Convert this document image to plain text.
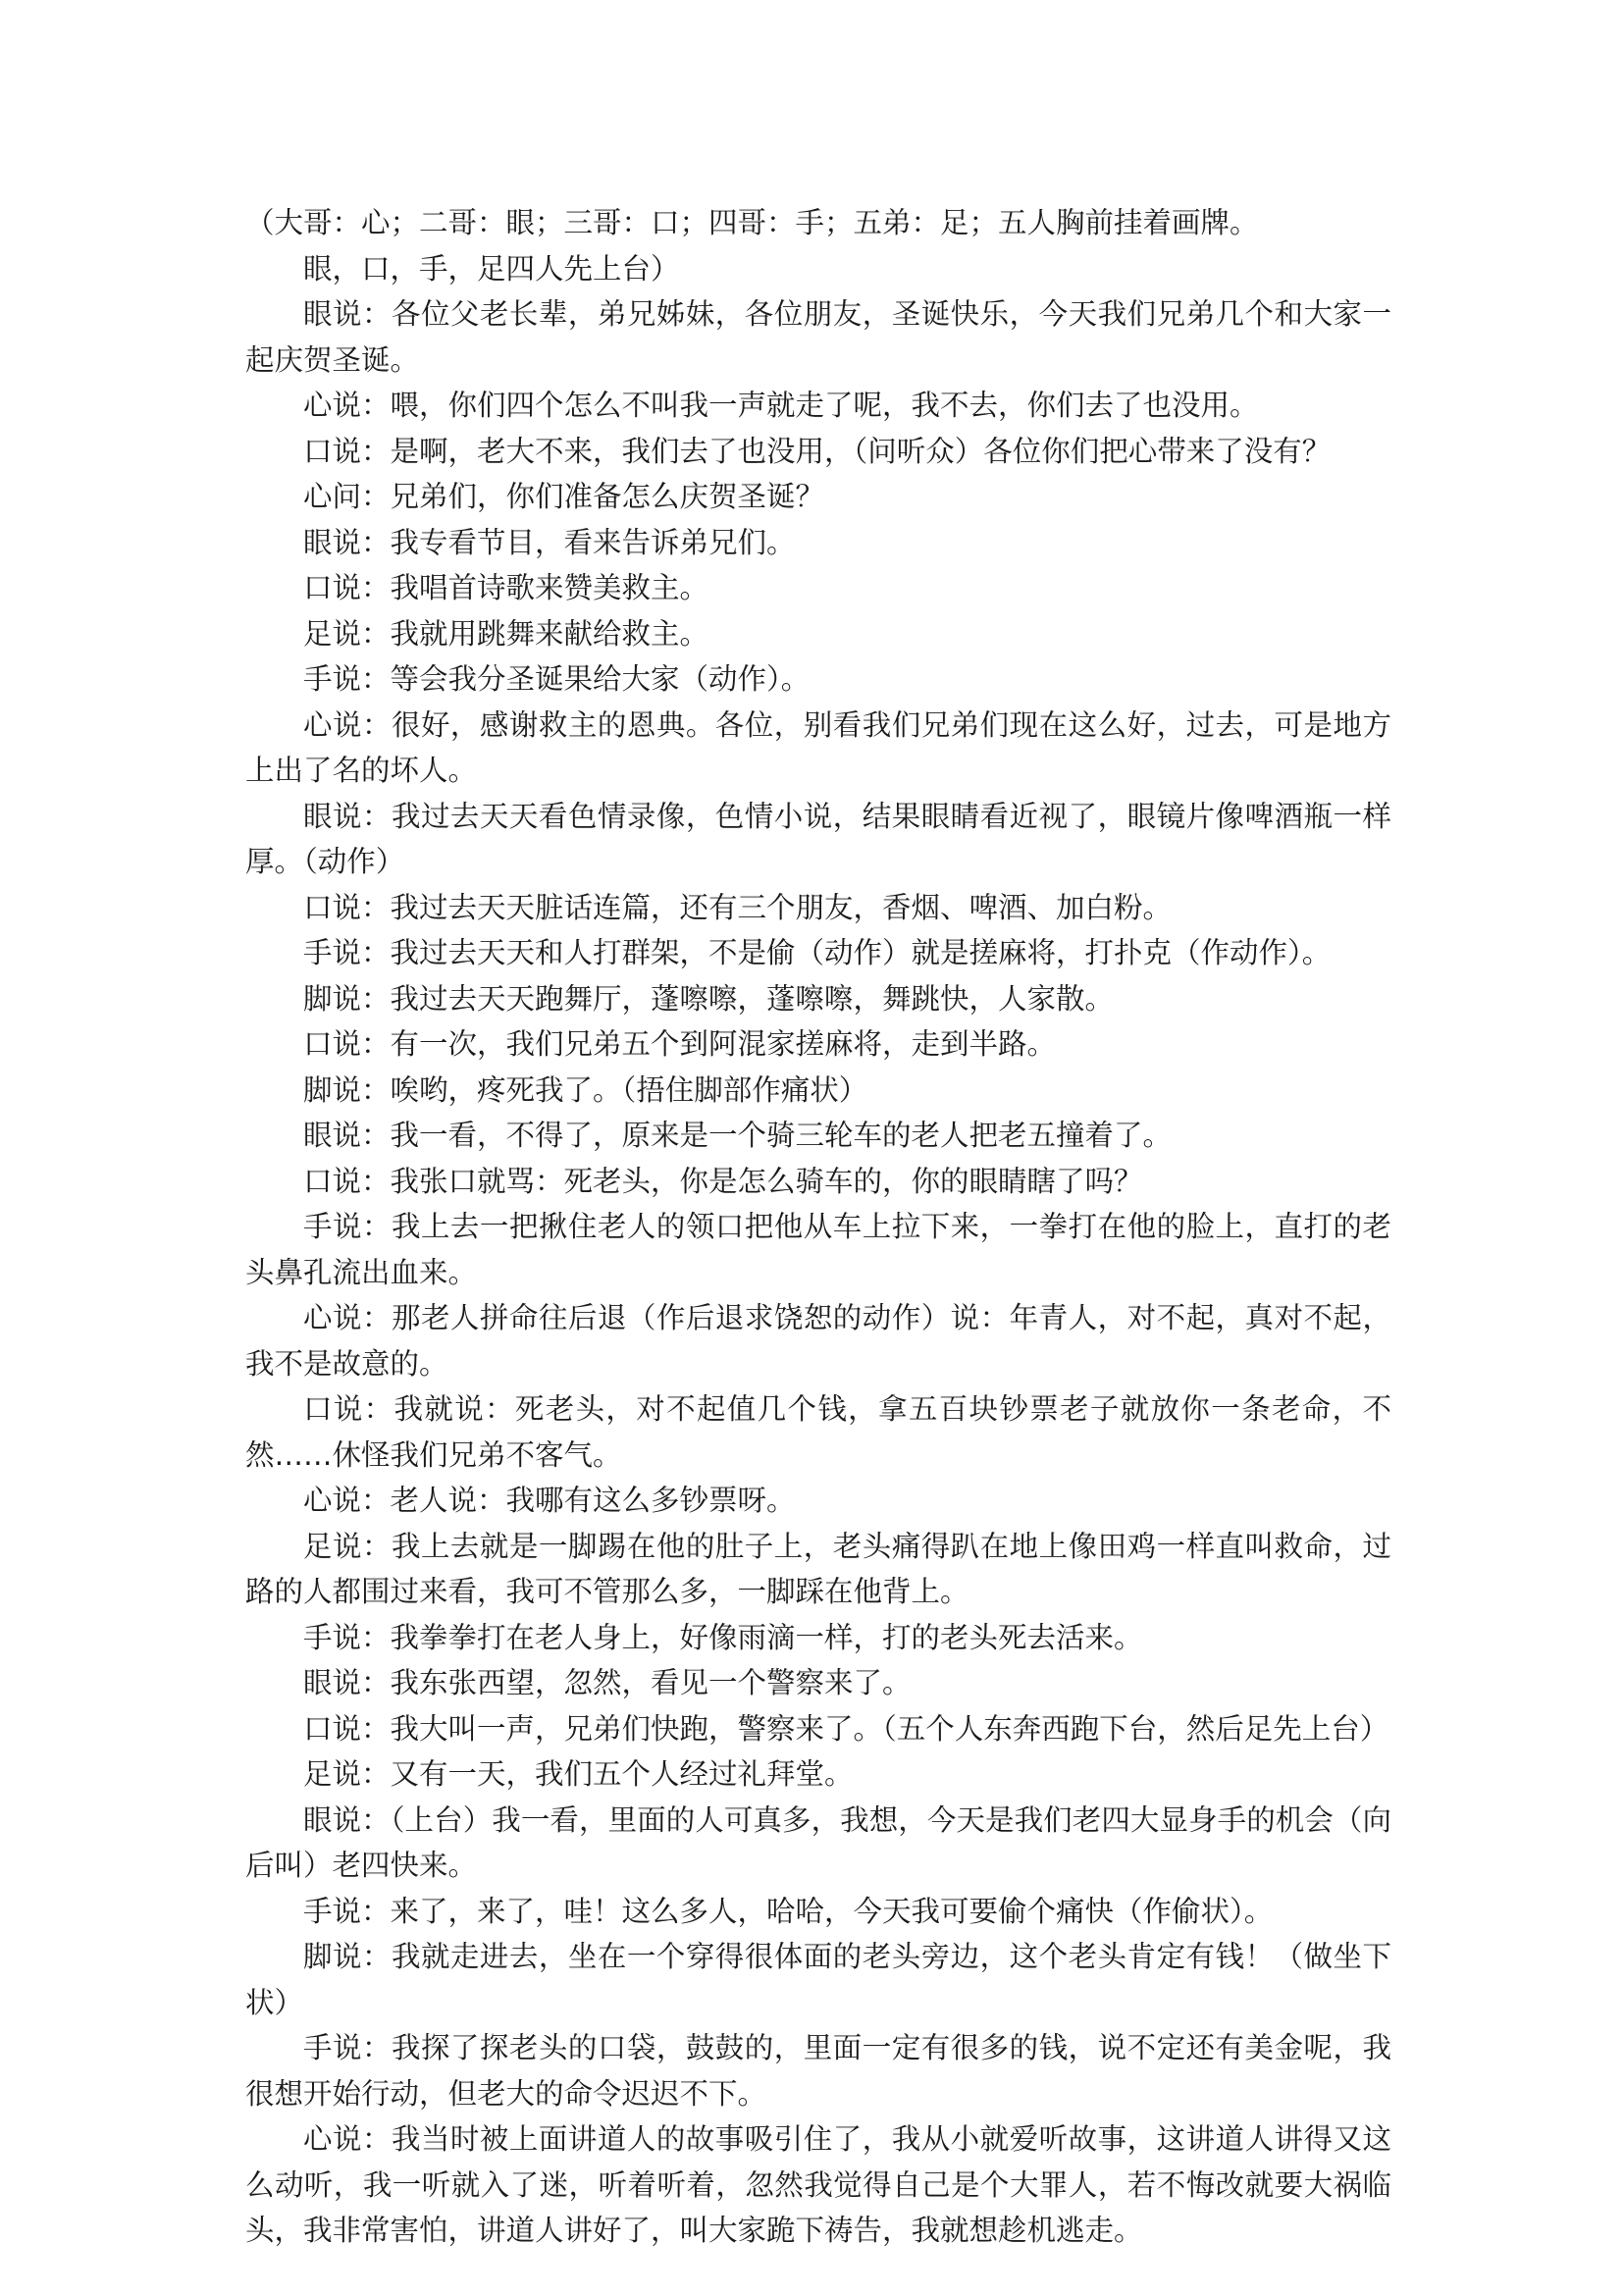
（大哥：心；二哥：眼；三哥：口；四哥：手；五弟：足；五人胸前挂着画牌。

眼，口，手，足四人先上台）

眼说：各位父老长辈，弟兄姊妹，各位朋友，圣诞快乐，今天我们兄弟几个和大家一起庆贺圣诞。

心说：喂，你们四个怎么不叫我一声就走了呢，我不去，你们去了也没用。

口说：是啊，老大不来，我们去了也没用，（问听众）各位你们把心带来了没有？

心问：兄弟们，你们准备怎么庆贺圣诞？

眼说：我专看节目，看来告诉弟兄们。

口说：我唱首诗歌来赞美救主。

足说：我就用跳舞来献给救主。

手说：等会我分圣诞果给大家（动作）。

心说：很好，感谢救主的恩典。各位，别看我们兄弟们现在这么好，过去，可是地方上出了名的坏人。

眼说：我过去天天看色情录像，色情小说，结果眼睛看近视了，眼镜片像啤酒瓶一样厚。（动作）

口说：我过去天天脏话连篇，还有三个朋友，香烟、啤酒、加白粉。

手说：我过去天天和人打群架，不是偷（动作）就是搓麻将，打扑克（作动作）。

脚说：我过去天天跑舞厅，蓬嚓嚓，蓬嚓嚓，舞跳快，人家散。

口说：有一次，我们兄弟五个到阿混家搓麻将，走到半路。

脚说：唉哟，疼死我了。（捂住脚部作痛状）

眼说：我一看，不得了，原来是一个骑三轮车的老人把老五撞着了。

口说：我张口就骂：死老头，你是怎么骑车的，你的眼睛瞎了吗？

手说：我上去一把揪住老人的领口把他从车上拉下来，一拳打在他的脸上，直打的老头鼻孔流出血来。

心说：那老人拼命往后退（作后退求饶恕的动作）说：年青人，对不起，真对不起，我不是故意的。

口说：我就说：死老头，对不起值几个钱，拿五百块钞票老子就放你一条老命，不然……休怪我们兄弟不客气。

心说：老人说：我哪有这么多钞票呀。

足说：我上去就是一脚踢在他的肚子上，老头痛得趴在地上像田鸡一样直叫救命，过路的人都围过来看，我可不管那么多，一脚踩在他背上。

手说：我拳拳打在老人身上，好像雨滴一样，打的老头死去活来。

眼说：我东张西望，忽然，看见一个警察来了。

口说：我大叫一声，兄弟们快跑，警察来了。（五个人东奔西跑下台，然后足先上台）

足说：又有一天，我们五个人经过礼拜堂。

眼说：（上台）我一看，里面的人可真多，我想，今天是我们老四大显身手的机会（向后叫）老四快来。

手说：来了，来了，哇！这么多人，哈哈，今天我可要偷个痛快（作偷状）。

脚说：我就走进去，坐在一个穿得很体面的老头旁边，这个老头肯定有钱！（做坐下状）

手说：我探了探老头的口袋，鼓鼓的，里面一定有很多的钱，说不定还有美金呢，我很想开始行动，但老大的命令迟迟不下。

心说：我当时被上面讲道人的故事吸引住了，我从小就爱听故事，这讲道人讲得又这么动听，我一听就入了迷，听着听着，忽然我觉得自己是个大罪人，若不悔改就要大祸临头，我非常害怕，讲道人讲好了，叫大家跪下祷告，我就想趁机逃走。
